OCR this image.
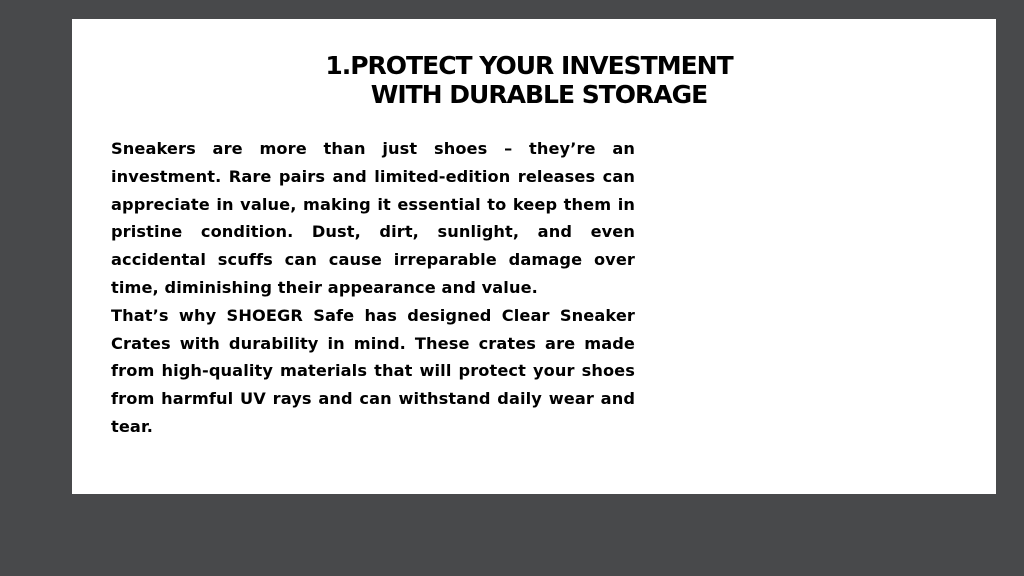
1.PROTECT YOUR INVESTMENT
WITH DURABLE STORAGE

Sneakers are more than just shoes – they’re an investment. Rare pairs and limited-edition releases can appreciate in value, making it essential to keep them in pristine condition. Dust, dirt, sunlight, and even accidental scuffs can cause irreparable damage over time, diminishing their appearance and value.

That’s why SHOEGR Safe has designed Clear Sneaker Crates with durability in mind. These crates are made from high-quality materials that will protect your shoes from harmful UV rays and can withstand daily wear and tear.
